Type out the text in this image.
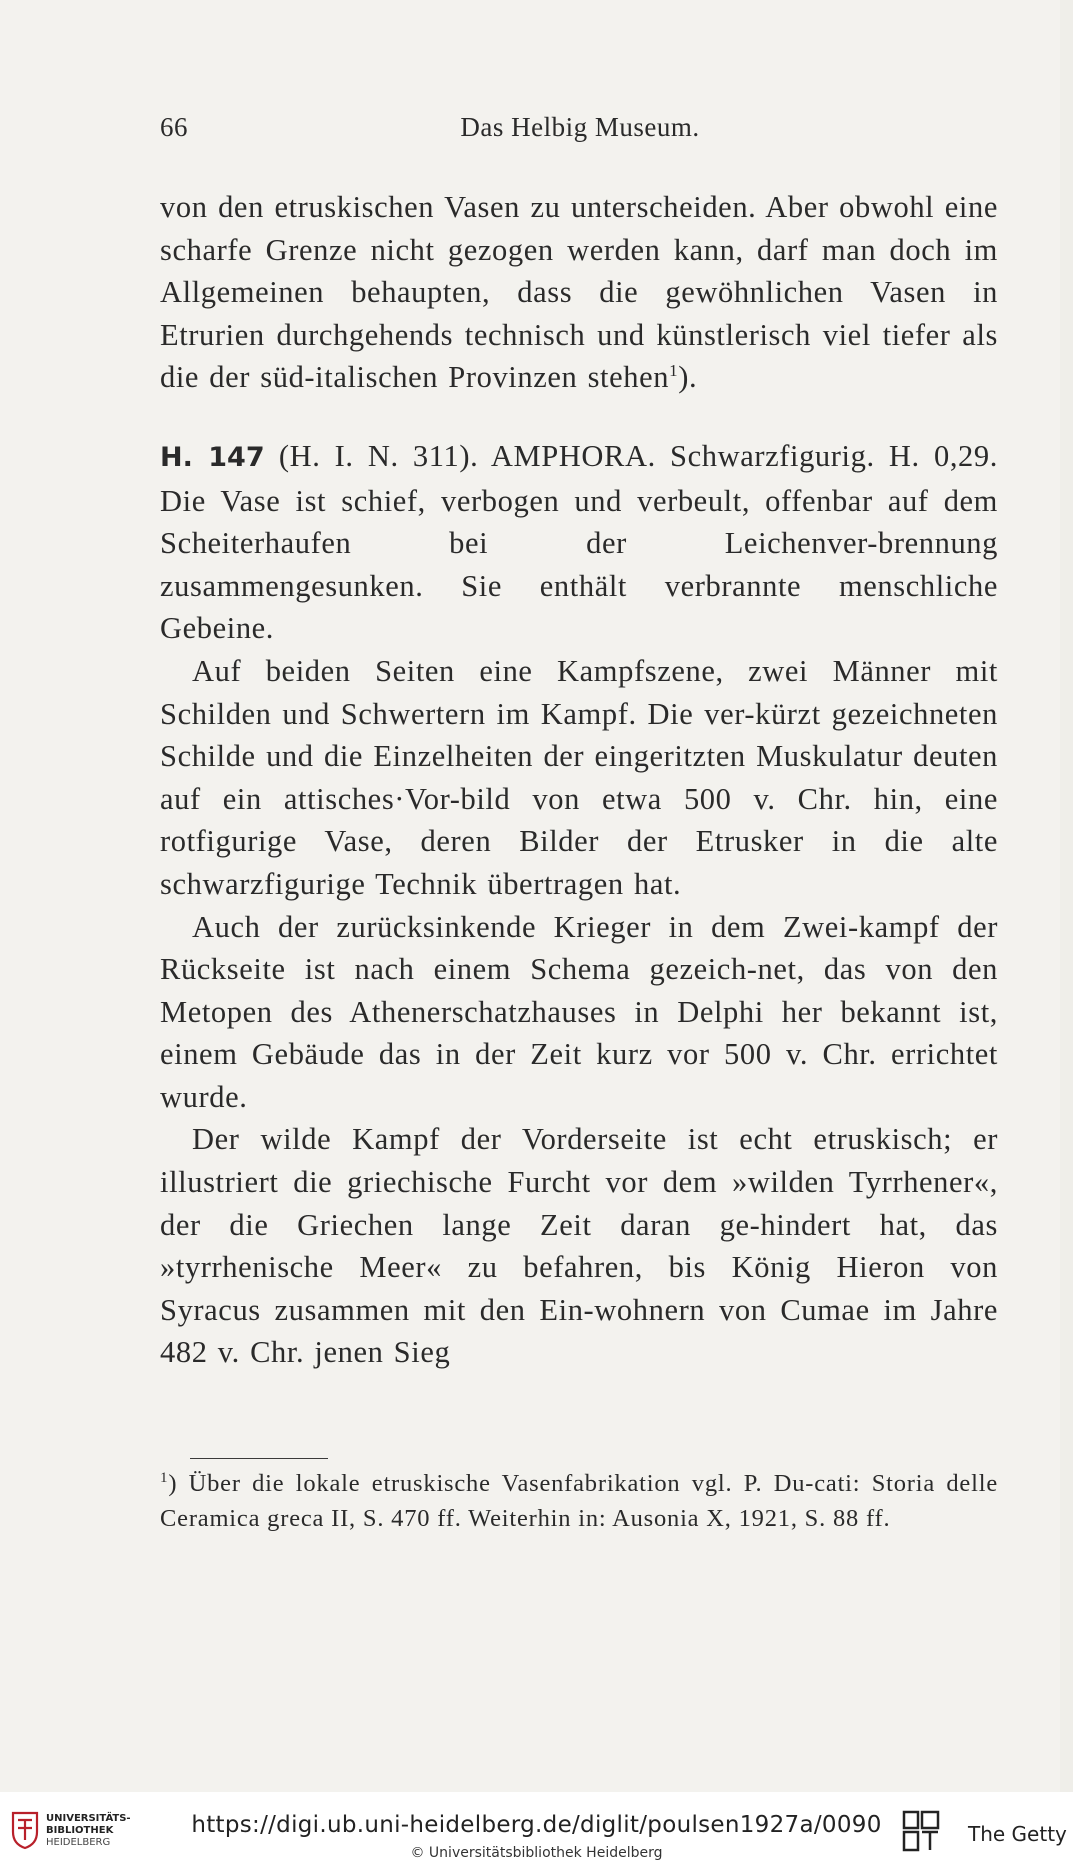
66	Das Helbig Museum.

von den etruskischen Vasen zu unterscheiden. Aber obwohl eine scharfe Grenze nicht gezogen werden kann, darf man doch im Allgemeinen behaupten, dass die gewöhnlichen Vasen in Etrurien durchgehends technisch und künstlerisch viel tiefer als die der süd-italischen Provinzen stehen$^1$).

H. 147 (H. I. N. 311). AMPHORA. Schwarzfigurig. H. 0,29. Die Vase ist schief, verbogen und verbeult, offenbar auf dem Scheiterhaufen bei der Leichenver-brennung zusammengesunken. Sie enthält verbrannte menschliche Gebeine.

Auf beiden Seiten eine Kampfszene, zwei Männer mit Schilden und Schwertern im Kampf. Die ver-kürzt gezeichneten Schilde und die Einzelheiten der eingeritzten Muskulatur deuten auf ein attisches·Vor-bild von etwa 500 v. Chr. hin, eine rotfigurige Vase, deren Bilder der Etrusker in die alte schwarzfigurige Technik übertragen hat.

Auch der zurücksinkende Krieger in dem Zwei-kampf der Rückseite ist nach einem Schema gezeich-net, das von den Metopen des Athenerschatzhauses in Delphi her bekannt ist, einem Gebäude das in der Zeit kurz vor 500 v. Chr. errichtet wurde.

Der wilde Kampf der Vorderseite ist echt etruskisch; er illustriert die griechische Furcht vor dem »wilden Tyrrhener«, der die Griechen lange Zeit daran ge-hindert hat, das »tyrrhenische Meer« zu befahren, bis König Hieron von Syracus zusammen mit den Ein-wohnern von Cumae im Jahre 482 v. Chr. jenen Sieg

$^1$) Über die lokale etruskische Vasenfabrikation vgl. P. Du-cati: Storia delle Ceramica greca II, S. 470 ff. Weiterhin in: Ausonia X, 1921, S. 88 ff.
UNIVERSITÄTS-
BIBLIOTHEK
HEIDELBERG
https://digi.ub.uni-heidelberg.de/diglit/poulsen1927a/0090
© Universitätsbibliothek Heidelberg
The Getty
